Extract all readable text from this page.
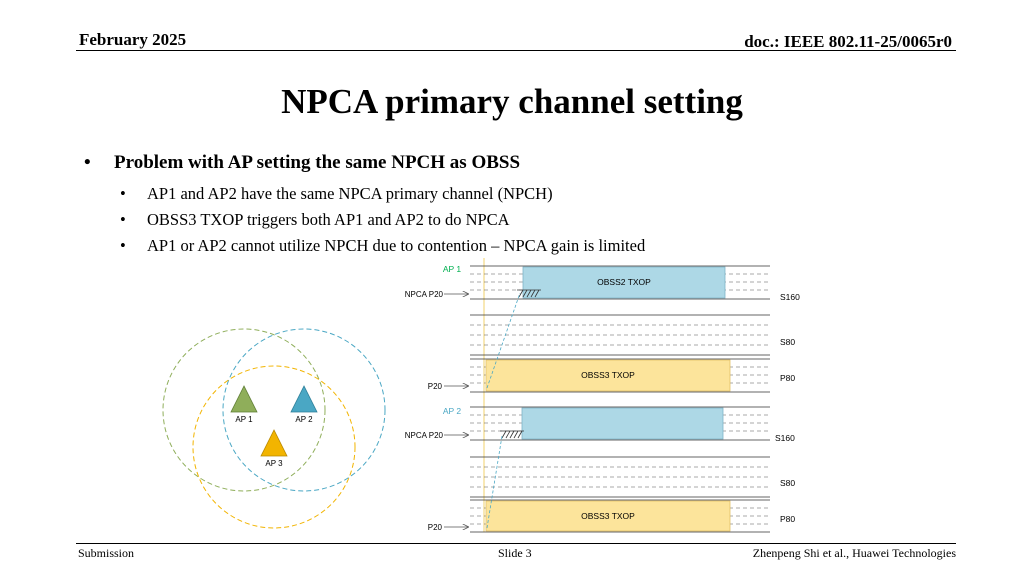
February 2025	doc.: IEEE 802.11-25/0065r0
NPCA primary channel setting
• Problem with AP setting the same NPCH as OBSS
• AP1 and AP2 have the same NPCA primary channel (NPCH)
• OBSS3 TXOP triggers both AP1 and AP2 to do NPCA
• AP1 or AP2 cannot utilize NPCH due to contention – NPCA gain is limited
AP 1	AP 2
AP 3
AP 1
OBSS2 TXOP
S160
NPCA P20
S80
OBSS3 TXOP	P80
P20
AP 2
S160
NPCA P20
S80
OBSS3 TXOP	P80
P20
Submission	Slide 3	Zhenpeng Shi et al., Huawei Technologies
